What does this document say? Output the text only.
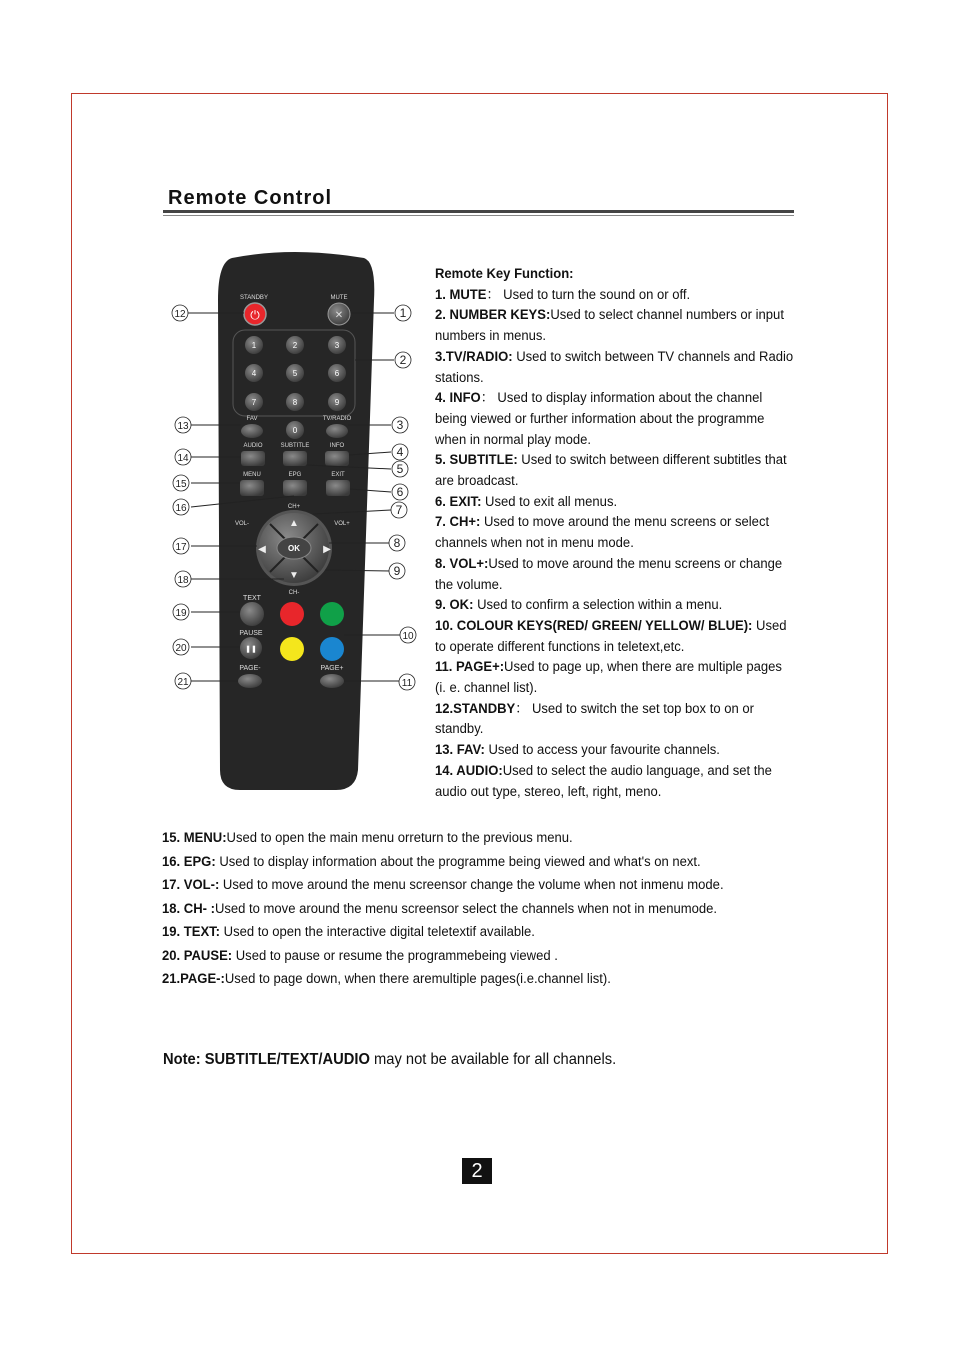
Remote Control
STANDBY
⏻
MUTE
✕
1	2	3
4	5	6
7	8	9
FAV
0
TV/RADIO
AUDIO	SUBTITLE	INFO
MENU	EPG	EXIT
CH+
▲
▼
◀	▶
OK
VOL-	VOL+
CH-
TEXT
PAUSE
❚❚
PAGE-	PAGE+
1
2
3
4
5
6
7
8
9
10
11
12
13
14
15
16
17
18
19
20
21
Remote Key Function:
1. MUTE： Used to turn the sound on or off.
2. NUMBER KEYS:Used to select channel numbers or input numbers in menus.
3.TV/RADIO: Used to switch between TV channels and Radio stations.
4. INFO： Used to display information about the channel being viewed or further information about the programme when in normal play mode.
5. SUBTITLE: Used to switch between different subtitles that are broadcast.
6. EXIT: Used to exit all menus.
7. CH+: Used to move around the menu screens or select channels when not in menu mode.
8. VOL+:Used to move around the menu screens or change the volume.
9. OK: Used to confirm a selection within a menu.
10. COLOUR KEYS(RED/ GREEN/ YELLOW/ BLUE): Used to operate different functions in teletext,etc.
11. PAGE+:Used to page up, when there are multiple pages (i. e. channel list).
12.STANDBY： Used to switch the set top box to on or standby.
13. FAV: Used to access your favourite channels.
14. AUDIO:Used to select the audio language, and set the audio out type, stereo, left, right, meno.
15. MENU:Used to open the main menu orreturn to the previous menu.
16. EPG: Used to display information about the programme being viewed and what's on next.
17. VOL-: Used to move around the menu screensor change the volume when not inmenu mode.
18. CH- :Used to move around the menu screensor select the channels when not in menumode.
19. TEXT: Used to open the interactive digital teletextif available.
20. PAUSE: Used to pause or resume the programmebeing viewed .
21.PAGE-:Used to page down, when there aremultiple pages(i.e.channel list).
Note: SUBTITLE/TEXT/AUDIO may not be available for all channels.
2
